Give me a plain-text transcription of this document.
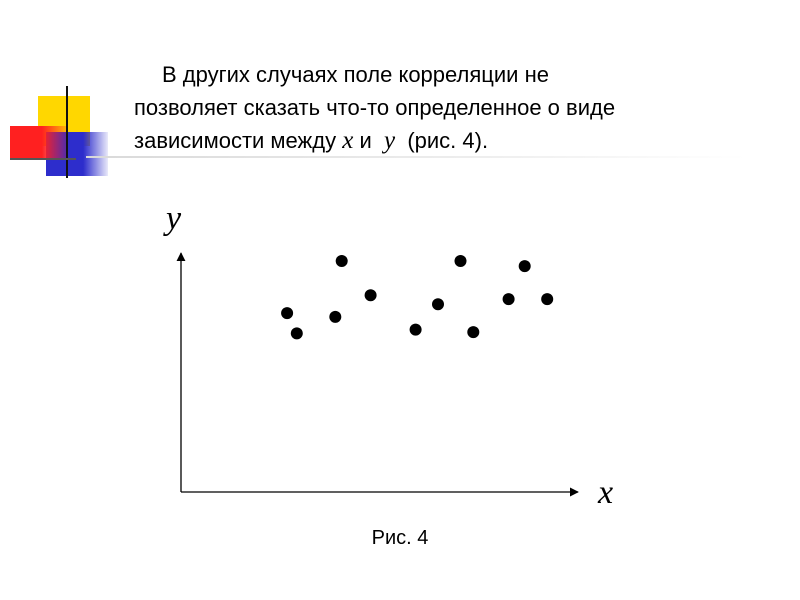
В других случаях поле корреляции не
позволяет сказать что-то определенное о виде
зависимости между x и y (рис. 4).
y
x
Рис. 4
